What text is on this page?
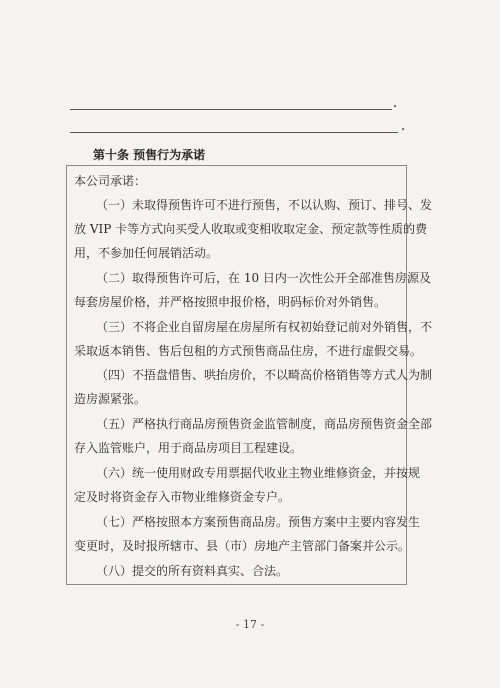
•
•
第十条 预售行为承诺
本公司承诺：
（一）未取得预售许可不进行预售，不以认购、预订、排号、发
放 VIP 卡等方式向买受人收取或变相收取定金、预定款等性质的费
用，不参加任何展销活动。
（二）取得预售许可后，在 10 日内一次性公开全部准售房源及
每套房屋价格，并严格按照申报价格，明码标价对外销售。
（三）不将企业自留房屋在房屋所有权初始登记前对外销售，不
采取返本销售、售后包租的方式预售商品住房，不进行虚假交易。
（四）不捂盘惜售、哄抬房价，不以畸高价格销售等方式人为制
造房源紧张。
（五）严格执行商品房预售资金监管制度，商品房预售资金全部
存入监管账户，用于商品房项目工程建设。
（六）统一使用财政专用票据代收业主物业维修资金，并按规
定及时将资金存入市物业维修资金专户。
（七）严格按照本方案预售商品房。预售方案中主要内容发生
变更时，及时报所辖市、县（市）房地产主管部门备案并公示。
（八）提交的所有资料真实、合法。
- 17 -
